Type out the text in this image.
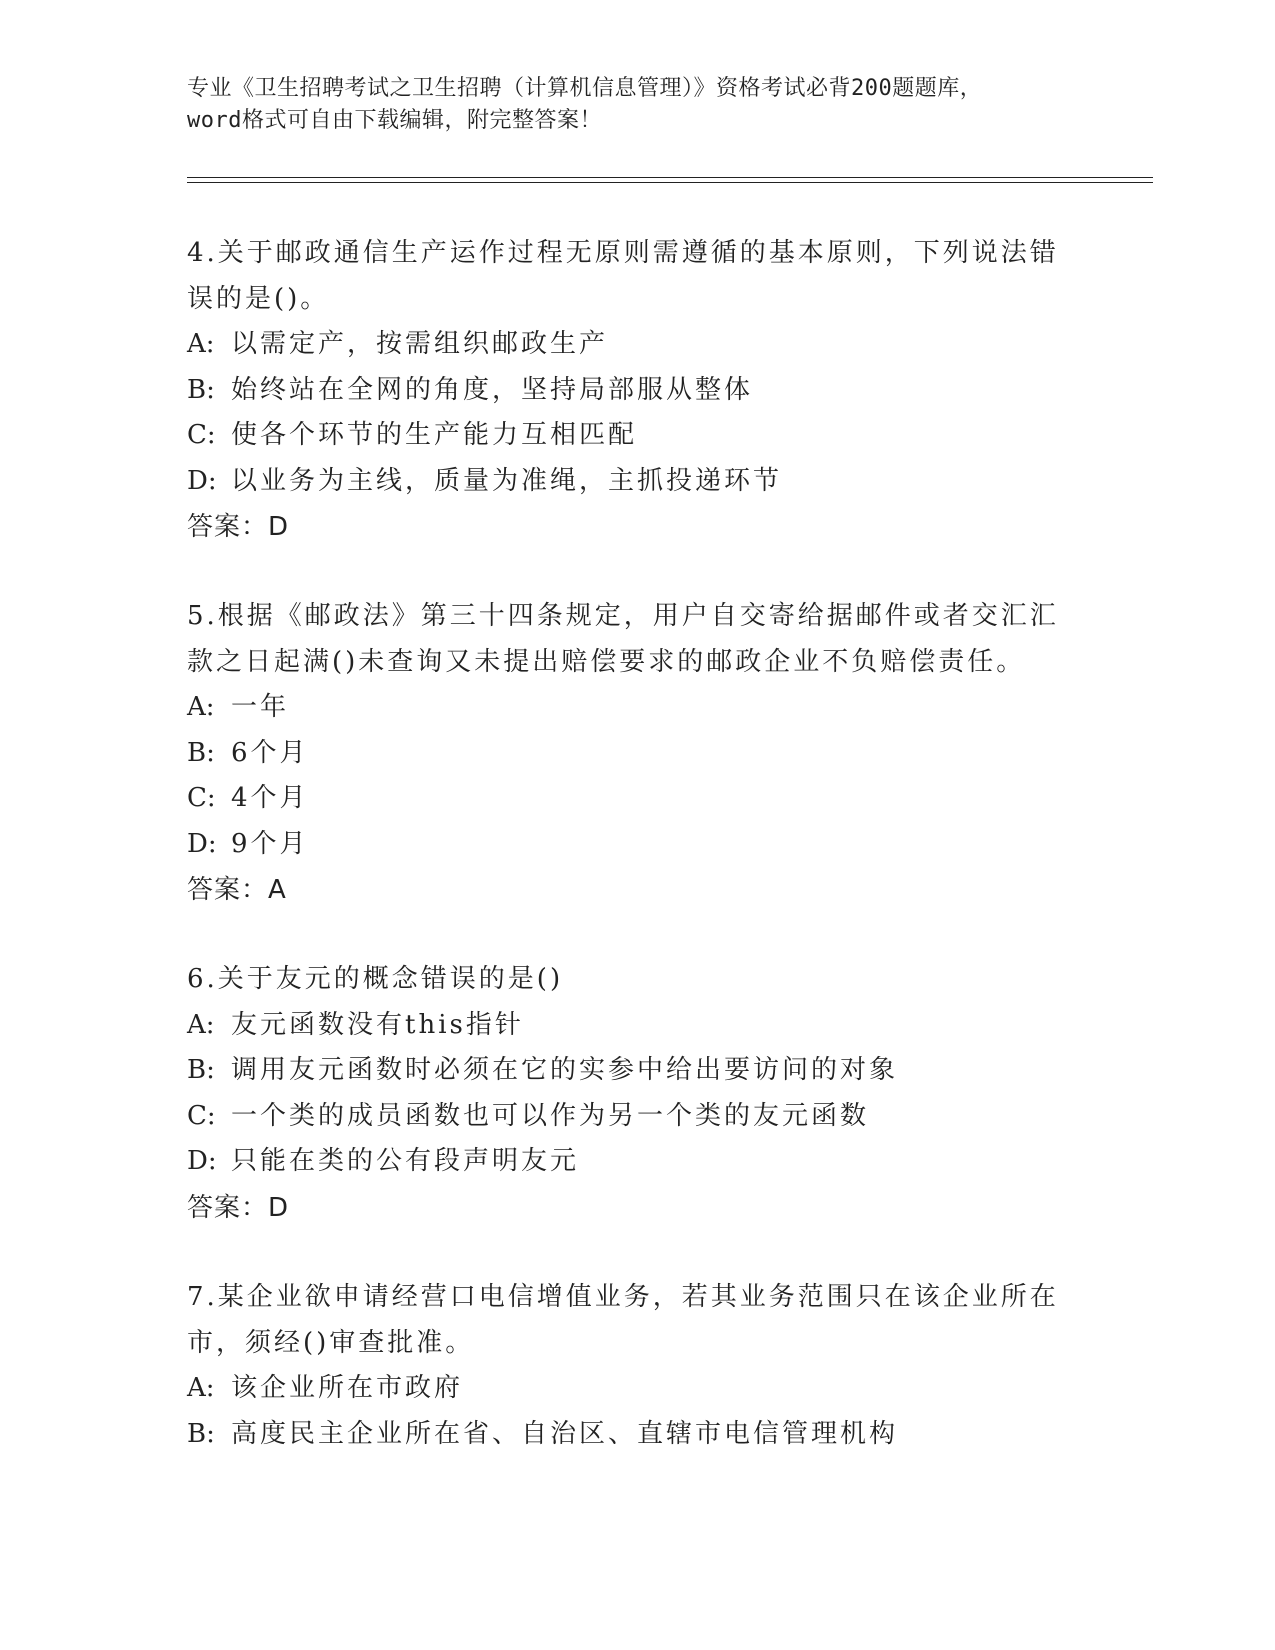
专业《卫生招聘考试之卫生招聘（计算机信息管理）》资格考试必背200题题库，
word格式可自由下载编辑，附完整答案！
4.关于邮政通信生产运作过程无原则需遵循的基本原则，下列说法错
误的是()。
A: 以需定产，按需组织邮政生产
B: 始终站在全网的角度，坚持局部服从整体
C: 使各个环节的生产能力互相匹配
D: 以业务为主线，质量为准绳，主抓投递环节
答案：D
5.根据《邮政法》第三十四条规定，用户自交寄给据邮件或者交汇汇
款之日起满()未查询又未提出赔偿要求的邮政企业不负赔偿责任。
A: 一年
B: 6个月
C: 4个月
D: 9个月
答案：A
6.关于友元的概念错误的是()
A: 友元函数没有this指针
B: 调用友元函数时必须在它的实参中给出要访问的对象
C: 一个类的成员函数也可以作为另一个类的友元函数
D: 只能在类的公有段声明友元
答案：D
7.某企业欲申请经营口电信增值业务，若其业务范围只在该企业所在
市，须经()审查批准。
A: 该企业所在市政府
B: 高度民主企业所在省、自治区、直辖市电信管理机构
